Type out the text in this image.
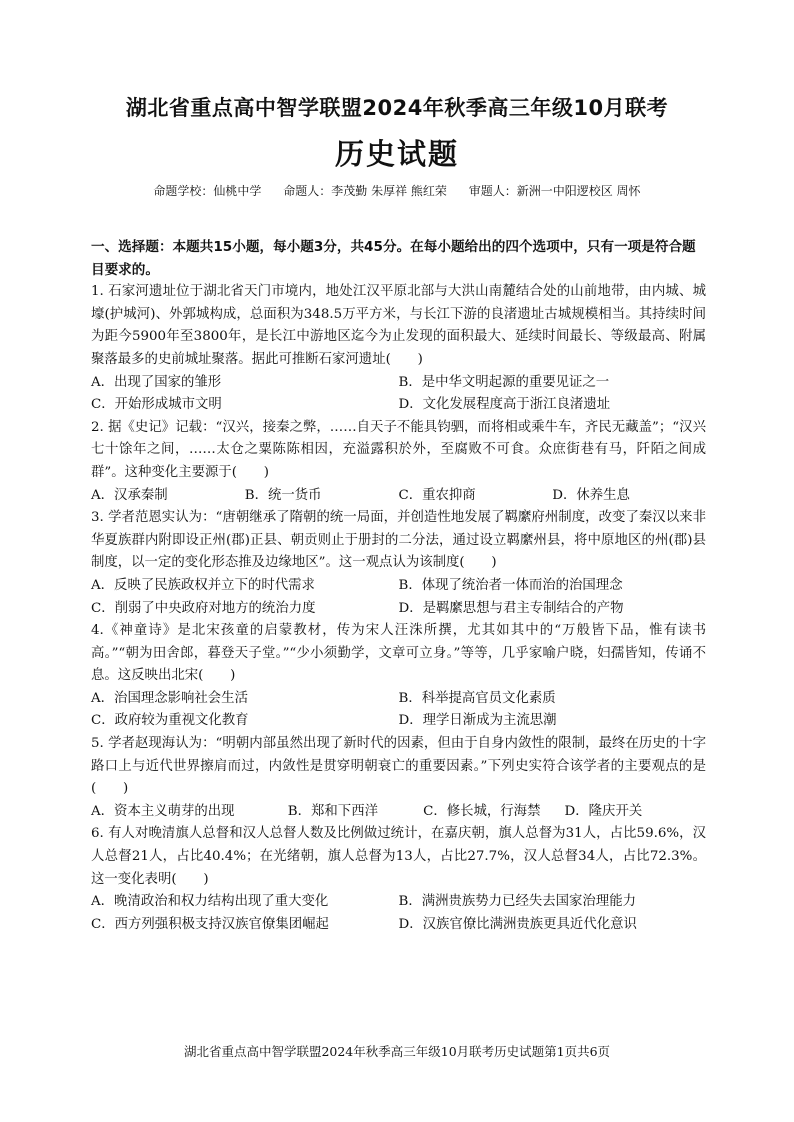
湖北省重点高中智学联盟2024年秋季高三年级10月联考
历史试题
命题学校：仙桃中学 命题人：李茂勤 朱厚祥 熊红荣 审题人：新洲一中阳逻校区 周怀
一、选择题：本题共15小题，每小题3分，共45分。在每小题给出的四个选项中，只有一项是符合题目要求的。

1. 石家河遗址位于湖北省天门市境内，地处江汉平原北部与大洪山南麓结合处的山前地带，由内城、城壕(护城河)、外郭城构成，总面积为348.5万平方米，与长江下游的良渚遗址古城规模相当。其持续时间为距今5900年至3800年，是长江中游地区迄今为止发现的面积最大、延续时间最长、等级最高、附属聚落最多的史前城址聚落。据此可推断石家河遗址(　　)

A．出现了国家的雏形	B．是中华文明起源的重要见证之一
C．开始形成城市文明	D．文化发展程度高于浙江良渚遗址

2. 据《史记》记载：“汉兴，接秦之弊，……自天子不能具钧驷，而将相或乘牛车，齐民无藏盖”；“汉兴七十馀年之间，……太仓之粟陈陈相因，充溢露积於外，至腐败不可食。众庶街巷有马，阡陌之间成群”。这种变化主要源于(　　)

A．汉承秦制	B．统一货币	C．重农抑商	D．休养生息

3. 学者范恩实认为：“唐朝继承了隋朝的统一局面，并创造性地发展了羁縻府州制度，改变了秦汉以来非华夏族群内附即设正州(郡)正县、朝贡则止于册封的二分法，通过设立羁縻州县，将中原地区的州(郡)县制度，以一定的变化形态推及边缘地区”。这一观点认为该制度(　　)

A．反映了民族政权并立下的时代需求	B．体现了统治者一体而治的治国理念
C．削弱了中央政府对地方的统治力度	D．是羁縻思想与君主专制结合的产物

4.《神童诗》是北宋孩童的启蒙教材，传为宋人汪洙所撰，尤其如其中的“万般皆下品，惟有读书高。”“朝为田舍郎，暮登天子堂。”“少小须勤学，文章可立身。”等等，几乎家喻户晓，妇孺皆知，传诵不息。这反映出北宋(　　)

A．治国理念影响社会生活	B．科举提高官员文化素质
C．政府较为重视文化教育	D．理学日渐成为主流思潮

5. 学者赵现海认为：“明朝内部虽然出现了新时代的因素，但由于自身内敛性的限制，最终在历史的十字路口上与近代世界擦肩而过，内敛性是贯穿明朝衰亡的重要因素。”下列史实符合该学者的主要观点的是(　　)

A．资本主义萌芽的出现	B．郑和下西洋	C．修长城，行海禁	D．隆庆开关

6. 有人对晚清旗人总督和汉人总督人数及比例做过统计，在嘉庆朝，旗人总督为31人，占比59.6%，汉人总督21人，占比40.4%；在光绪朝，旗人总督为13人，占比27.7%，汉人总督34人，占比72.3%。这一变化表明(　　)

A．晚清政治和权力结构出现了重大变化	B．满洲贵族势力已经失去国家治理能力
C．西方列强积极支持汉族官僚集团崛起	D．汉族官僚比满洲贵族更具近代化意识
湖北省重点高中智学联盟2024年秋季高三年级10月联考历史试题第1页共6页
